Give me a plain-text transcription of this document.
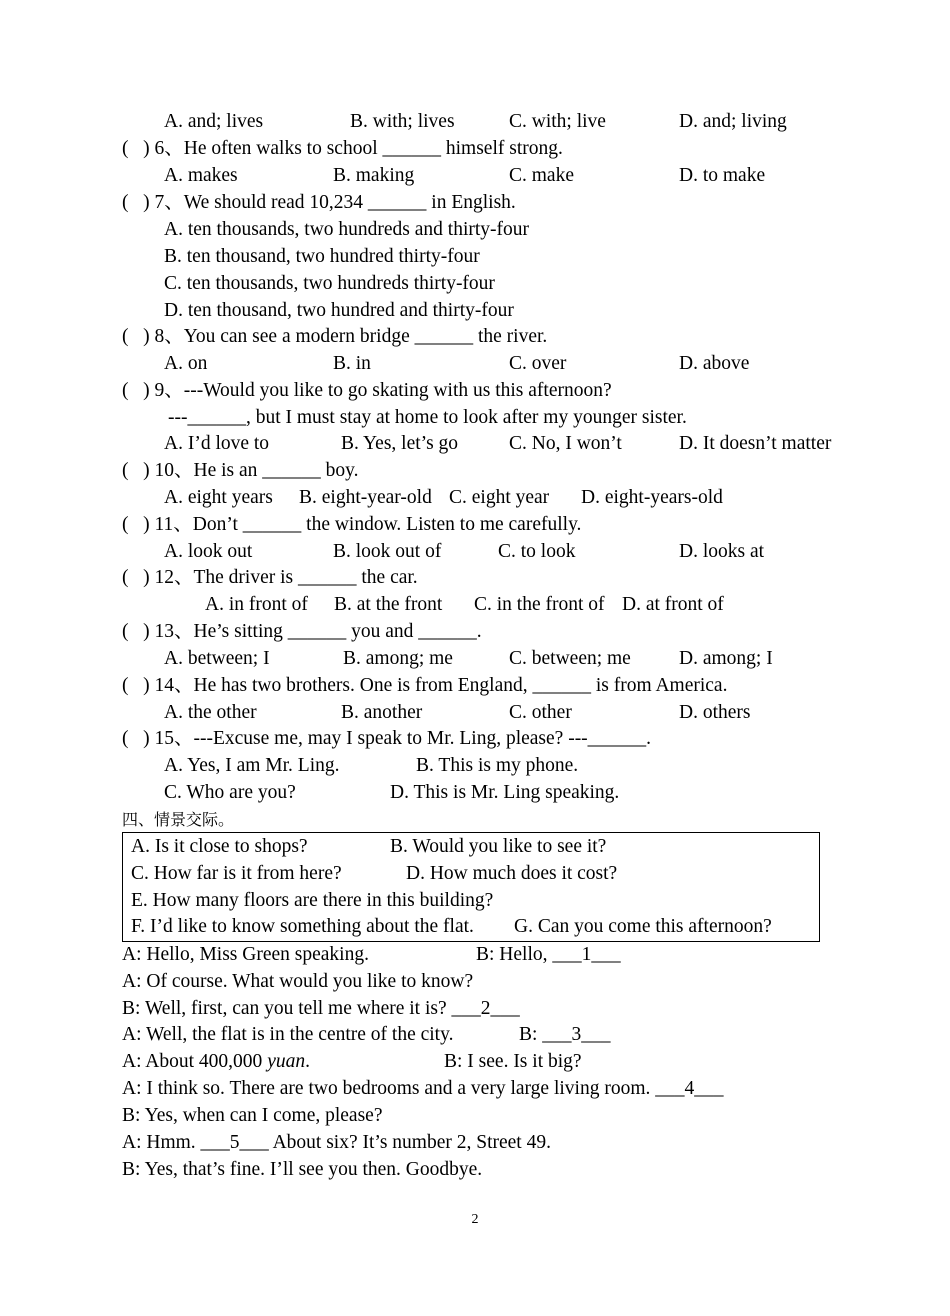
A. and; lives	B. with; lives	C. with; live	D. and; living
(   ) 6、He often walks to school ______ himself strong.
A. makes	B. making	C. make	D. to make
(   ) 7、We should read 10,234 ______ in English.
A. ten thousands, two hundreds and thirty-four
B. ten thousand, two hundred thirty-four
C. ten thousands, two hundreds thirty-four
D. ten thousand, two hundred and thirty-four
(   ) 8、You can see a modern bridge ______ the river.
A. on	B. in	C. over	D. above
(   ) 9、---Would you like to go skating with us this afternoon?
---______, but I must stay at home to look after my younger sister.
A. I’d love to	B. Yes, let’s go	C. No, I won’t	D. It doesn’t matter
(   ) 10、He is an ______ boy.
A. eight years B. eight-year-old C. eight year D. eight-years-old
(   ) 11、Don’t ______ the window. Listen to me carefully.
A. look out	B. look out of	C. to look	D. looks at
(   ) 12、The driver is ______ the car.
A. in front of B. at the front C. in the front of D. at front of
(   ) 13、He’s sitting ______ you and ______.
A. between; I	B. among; me	C. between; me D. among; I
(   ) 14、He has two brothers. One is from England, ______ is from America.
A. the other	B. another	C. other	D. others
(   ) 15、---Excuse me, may I speak to Mr. Ling, please? ---______.
A. Yes, I am Mr. Ling.	B. This is my phone.
C. Who are you?	D. This is Mr. Ling speaking.
四、情景交际。
A. Is it close to shops?	B. Would you like to see it?
C. How far is it from here?	D. How much does it cost?
E. How many floors are there in this building?
F. I’d like to know something about the flat. G. Can you come this afternoon?
A: Hello, Miss Green speaking.	B: Hello, ___1___
A: Of course. What would you like to know?
B: Well, first, can you tell me where it is? ___2___
A: Well, the flat is in the centre of the city.	B: ___3___
A: About 400,000 yuan.	B: I see. Is it big?
A: I think so. There are two bedrooms and a very large living room. ___4___
B: Yes, when can I come, please?
A: Hmm. ___5___ About six? It’s number 2, Street 49.
B: Yes, that’s fine. I’ll see you then. Goodbye.
2
